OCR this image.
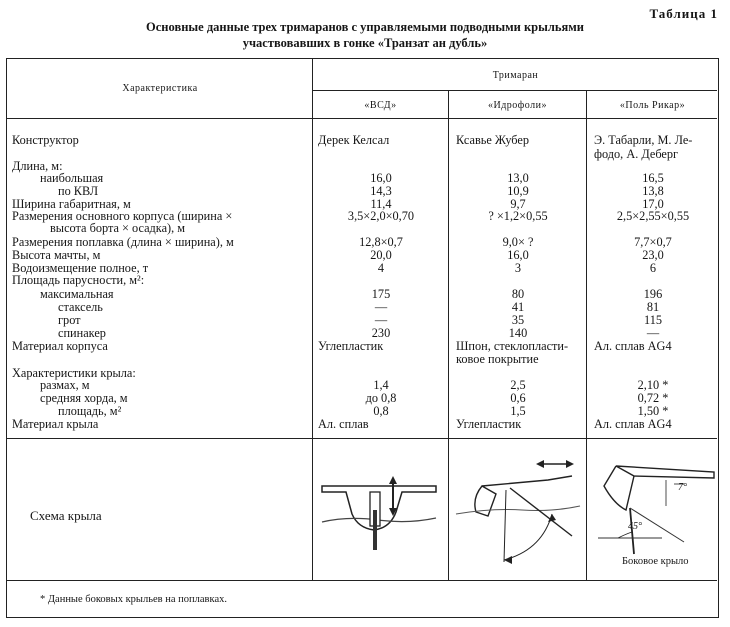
Таблица 1
Основные данные трех тримаранов с управляемыми подводными крыльями
участвовавших в гонке «Транзат ан дубль»
Характеристика
Тримаран
«ВСД»	«Идрофоли»	«Поль Рикар»
Конструктор	Дерек Келсал	Ксавье Жубер	Э. Табарли, М. Ле-
фодо, А. Деберг
Длина, м:
наибольшая	16,0	13,0	16,5
по КВЛ	14,3	10,9	13,8
Ширина габаритная, м	11,4	9,7	17,0
Размерения основного корпуса (ширина ×	3,5×2,0×0,70	? ×1,2×0,55	2,5×2,55×0,55
высота борта × осадка), м
Размерения поплавка (длина × ширина), м	12,8×0,7	9,0× ?	7,7×0,7
Высота мачты, м	20,0	16,0	23,0
Водоизмещение полное, т	4	3	6
Площадь парусности, м²:
максимальная	175	80	196
стаксель	—	41	81
грот	—	35	115
спинакер	230	140	—
Материал корпуса	Углепластик	Шпон, стеклопласти-	Ал. сплав AG4
ковое покрытие
Характеристики крыла:
размах, м	1,4	2,5	2,10 *
средняя хорда, м	до 0,8	0,6	0,72 *
площадь, м²	0,8	1,5	1,50 *
Материал крыла	Ал. сплав	Углепластик	Ал. сплав AG4
Схема крыла
7°
45°
Боковое крыло
* Данные боковых крыльев на поплавках.
